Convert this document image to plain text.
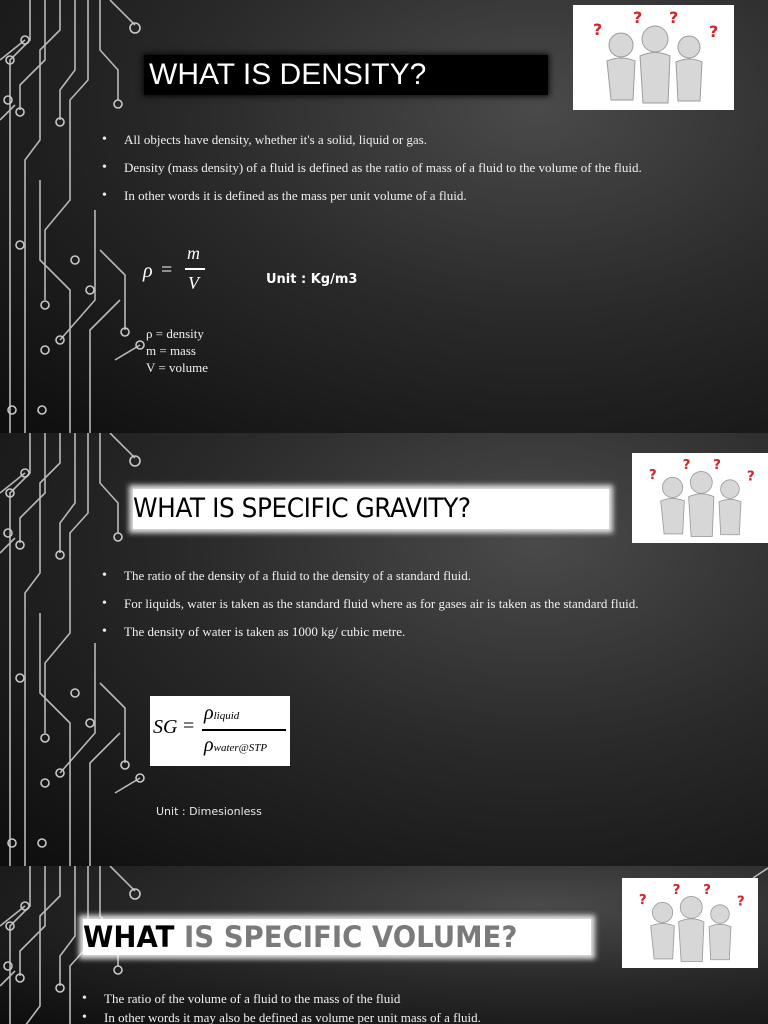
WHAT IS DENSITY?
?
? ?
?
• All objects have density, whether it's a solid, liquid or gas.
• Density (mass density) of a fluid is defined as the ratio of mass of a fluid to the volume of the fluid.
• In other words it is defined as the mass per unit volume of a fluid.
ρ =
m
V	Unit : Kg/m3
ρ = density
m = mass
V = volume
WHAT IS SPECIFIC GRAVITY?
?
? ?
?
• The ratio of the density of a fluid to the density of a standard fluid.
• For liquids, water is taken as the standard fluid where as for gases air is taken as the standard fluid.
• The density of water is taken as 1000 kg/ cubic metre.
SG =
ρliquid
ρwater@STP
Unit : Dimesionless
WHAT IS SPECIFIC VOLUME?
?
? ?
?
• The ratio of the volume of a fluid to the mass of the fluid
• In other words it may also be defined as volume per unit mass of a fluid.
